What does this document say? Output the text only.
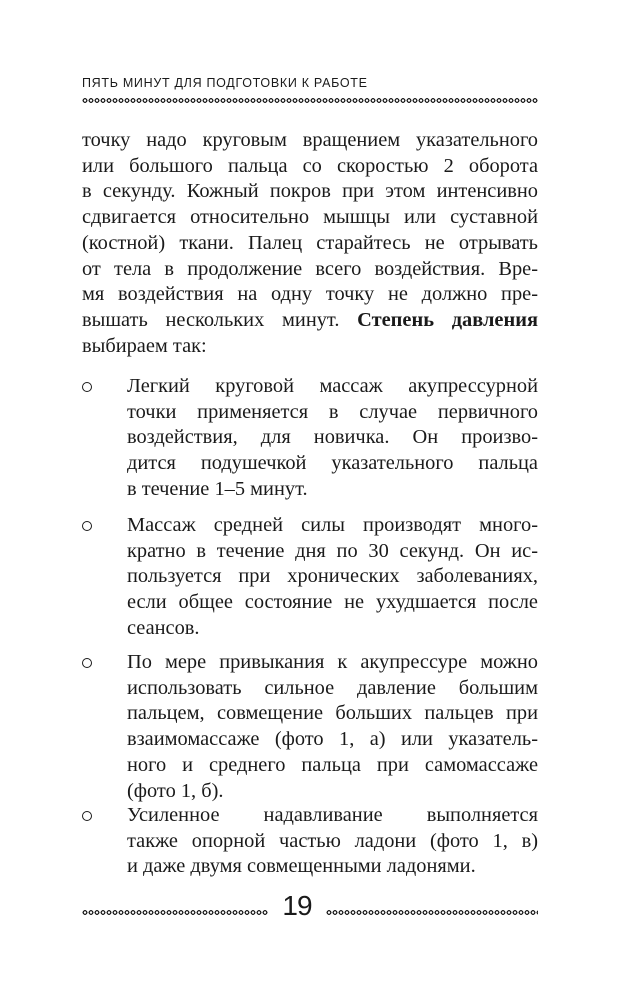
ПЯТЬ МИНУТ ДЛЯ ПОДГОТОВКИ К РАБОТЕ
точку надо круговым вращением указательного
или большого пальца со скоростью 2 оборота
в секунду. Кожный покров при этом интенсивно
сдвигается относительно мышцы или суставной
(костной) ткани. Палец старайтесь не отрывать
от тела в продолжение всего воздействия. Вре-
мя воздействия на одну точку не должно пре-
вышать нескольких минут. Степень давления
выбираем так:
Легкий круговой массаж акупрессурной
точки применяется в случае первичного
воздействия, для новичка. Он произво-
дится подушечкой указательного пальца
в течение 1–5 минут.
Массаж средней силы производят много-
кратно в течение дня по 30 секунд. Он ис-
пользуется при хронических заболеваниях,
если общее состояние не ухудшается после
сеансов.
По мере привыкания к акупрессуре можно
использовать сильное давление большим
пальцем, совмещение больших пальцев при
взаимомассаже (фото 1, а) или указатель-
ного и среднего пальца при самомассаже
(фото 1, б).
Усиленное надавливание выполняется
также опорной частью ладони (фото 1, в)
и даже двумя совмещенными ладонями.
19
